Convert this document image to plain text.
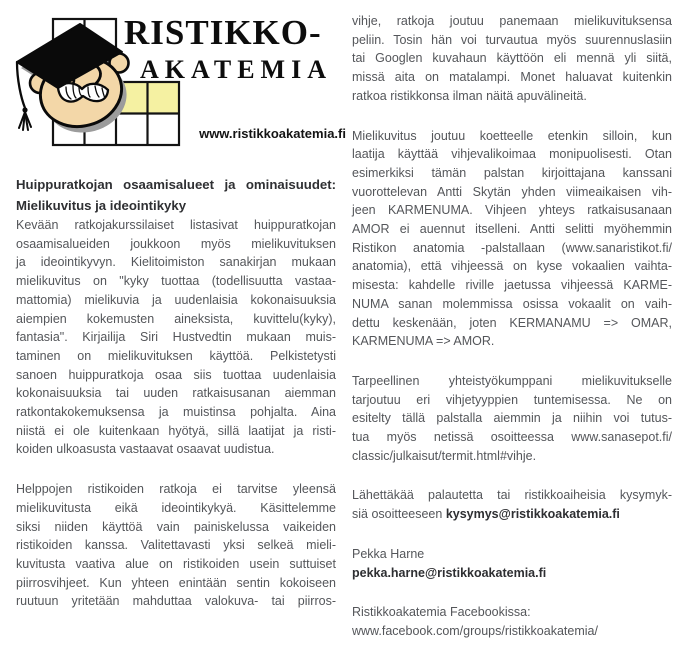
RISTIKKO-
AKATEMIA
www.ristikkoakatemia.fi
Huippuratkojan osaamisalueet ja ominaisuudet:
Mielikuvitus ja ideointikyky
Kevään ratkojakurssilaiset listasivat huippuratkojan
osaamisalueiden joukkoon myös mielikuvituksen
ja ideointikyvyn. Kielitoimiston sanakirjan mukaan
mielikuvitus on "kyky tuottaa (todellisuutta vastaa-
mattomia) mielikuvia ja uudenlaisia kokonaisuuksia
aiempien kokemusten aineksista, kuvittelu(kyky),
fantasia". Kirjailija Siri Hustvedtin mukaan muis-
taminen on mielikuvituksen käyttöä. Pelkistetysti
sanoen huippuratkoja osaa siis tuottaa uudenlaisia
kokonaisuuksia tai uuden ratkaisusanan aiemman
ratkontakokemuksensa ja muistinsa pohjalta. Aina
niistä ei ole kuitenkaan hyötyä, sillä laatijat ja risti-
koiden ulkoasusta vastaavat osaavat uudistua.
Helppojen ristikoiden ratkoja ei tarvitse yleensä
mielikuvitusta eikä ideointikykyä. Käsittelemme
siksi niiden käyttöä vain painiskelussa vaikeiden
ristikoiden kanssa. Valitettavasti yksi selkeä mieli-
kuvitusta vaativa alue on ristikoiden usein suttuiset
piirrosvihjeet. Kun yhteen enintään sentin kokoiseen
ruutuun yritetään mahduttaa valokuva- tai piirros-
vihje, ratkoja joutuu panemaan mielikuvituksensa
peliin. Tosin hän voi turvautua myös suurennuslasiin
tai Googlen kuvahaun käyttöön eli mennä yli siitä,
missä aita on matalampi. Monet haluavat kuitenkin
ratkoa ristikkonsa ilman näitä apuvälineitä.
Mielikuvitus joutuu koetteelle etenkin silloin, kun
laatija käyttää vihjevalikoimaa monipuolisesti. Otan
esimerkiksi tämän palstan kirjoittajana kanssani
vuorottelevan Antti Skytän yhden viimeaikaisen vih-
jeen KARMENUMA. Vihjeen yhteys ratkaisusanaan
AMOR ei auennut itselleni. Antti selitti myöhemmin
Ristikon anatomia -palstallaan (www.sanaristikot.fi/
anatomia), että vihjeessä on kyse vokaalien vaihta-
misesta: kahdelle riville jaetussa vihjeessä KARME-
NUMA sanan molemmissa osissa vokaalit on vaih-
dettu keskenään, joten KERMANAMU => OMAR,
KARMENUMA => AMOR.
Tarpeellinen yhteistyökumppani mielikuvitukselle
tarjoutuu eri vihjetyyppien tuntemisessa. Ne on
esitelty tällä palstalla aiemmin ja niihin voi tutus-
tua myös netissä osoitteessa www.sanasepot.fi/
classic/julkaisut/termit.html#vihje.
Lähettäkää palautetta tai ristikkoaiheisia kysymyk-
siä osoitteeseen kysymys@ristikkoakatemia.fi
Pekka Harne
pekka.harne@ristikkoakatemia.fi
Ristikkoakatemia Facebookissa:
www.facebook.com/groups/ristikkoakatemia/
